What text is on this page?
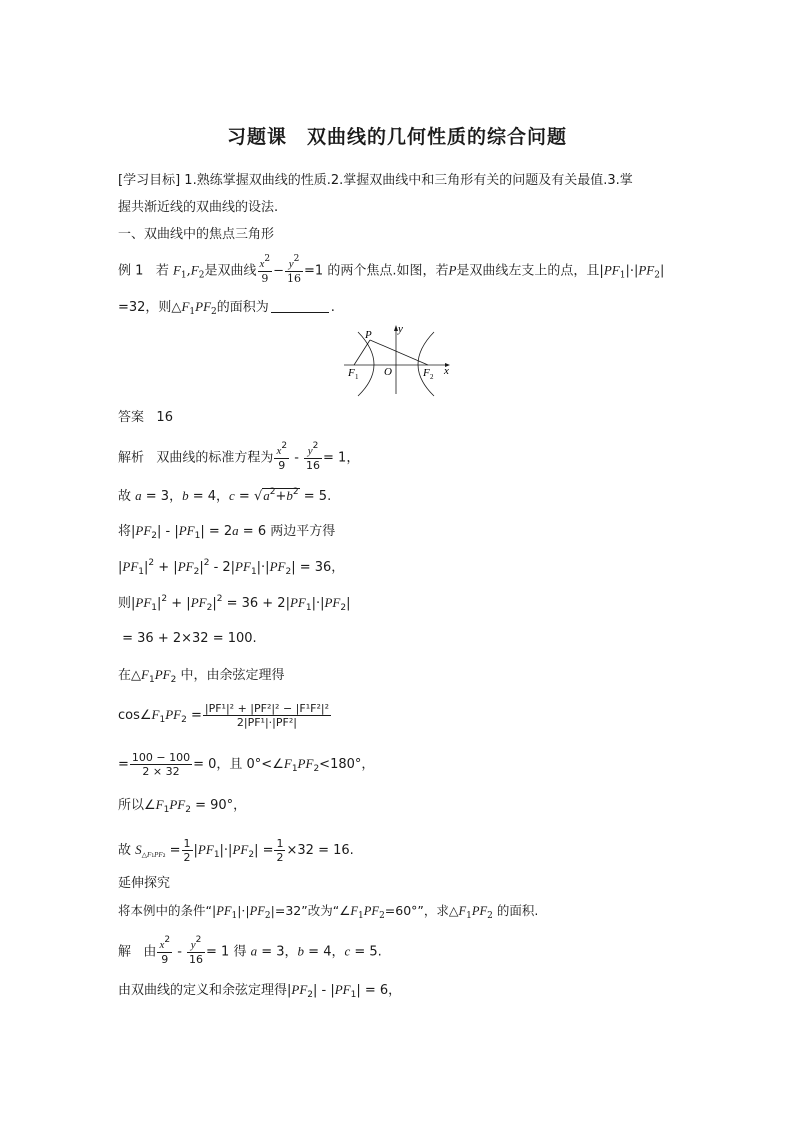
习题课　双曲线的几何性质的综合问题
[学习目标] 1.熟练掌握双曲线的性质.2.掌握双曲线中和三角形有关的问题及有关最值.3.掌
握共渐近线的双曲线的设法.
一、双曲线中的焦点三角形
例 1 若 $F_1,F_2$是双曲线 $\frac{x^2}{9} - \frac{y^2}{16} =1$ 的两个焦点.如图，若P是双曲线左支上的点，且$|PF_1|\cdot|PF_2|$
=32，则$\triangle F_1PF_2$的面积为	.
P y
O	x
F 1	F 2
答案 16
解析 双曲线的标准方程为 $\frac{x^2}{9} - \frac{y^2}{16} = 1$，
故 a = 3，b = 4，$c = √a^2+b^2 = 5$.
将$|PF_2| - |PF_1| = 2a = 6$ 两边平方得
$|PF_1|^2 + |PF_2|^2 - 2|PF_1|\cdot|PF_2| = 36$，
则$|PF_1|^2 + |PF_2|^2 = 36 + 2|PF_1|\cdot|PF_2|$
= 36 + 2×32 = 100.
在$\triangle F_1PF_2$ 中，由余弦定理得
$\cos\angle F_1PF_2 = \frac{\text{|PF¹|² + |PF²|² − |F¹F²|²}}{\text{2|PF¹|·|PF²|}}$
= $\frac{100 - 100}{2 \times 32} = 0$，且 $0^\circ<\angle F_1PF_2<180^\circ$，
所以$\angle F_1PF_2 = 90^\circ$，
故 $S_{\triangle F_1PF_2} = \frac{1}{2} |PF_1|\cdot|PF_2| = \frac{1}{2} \times 32 = 16$.
延伸探究
将本例中的条件“$|PF_1|\cdot|PF_2|=32$”改为“$\angle F_1PF_2=60^\circ$”，求$\triangle F_1PF_2$ 的面积.
解 由 $\frac{x^2}{9} - \frac{y^2}{16} = 1$ 得 a = 3，b = 4，c = 5.
由双曲线的定义和余弦定理得$|PF_2| - |PF_1| = 6$，
